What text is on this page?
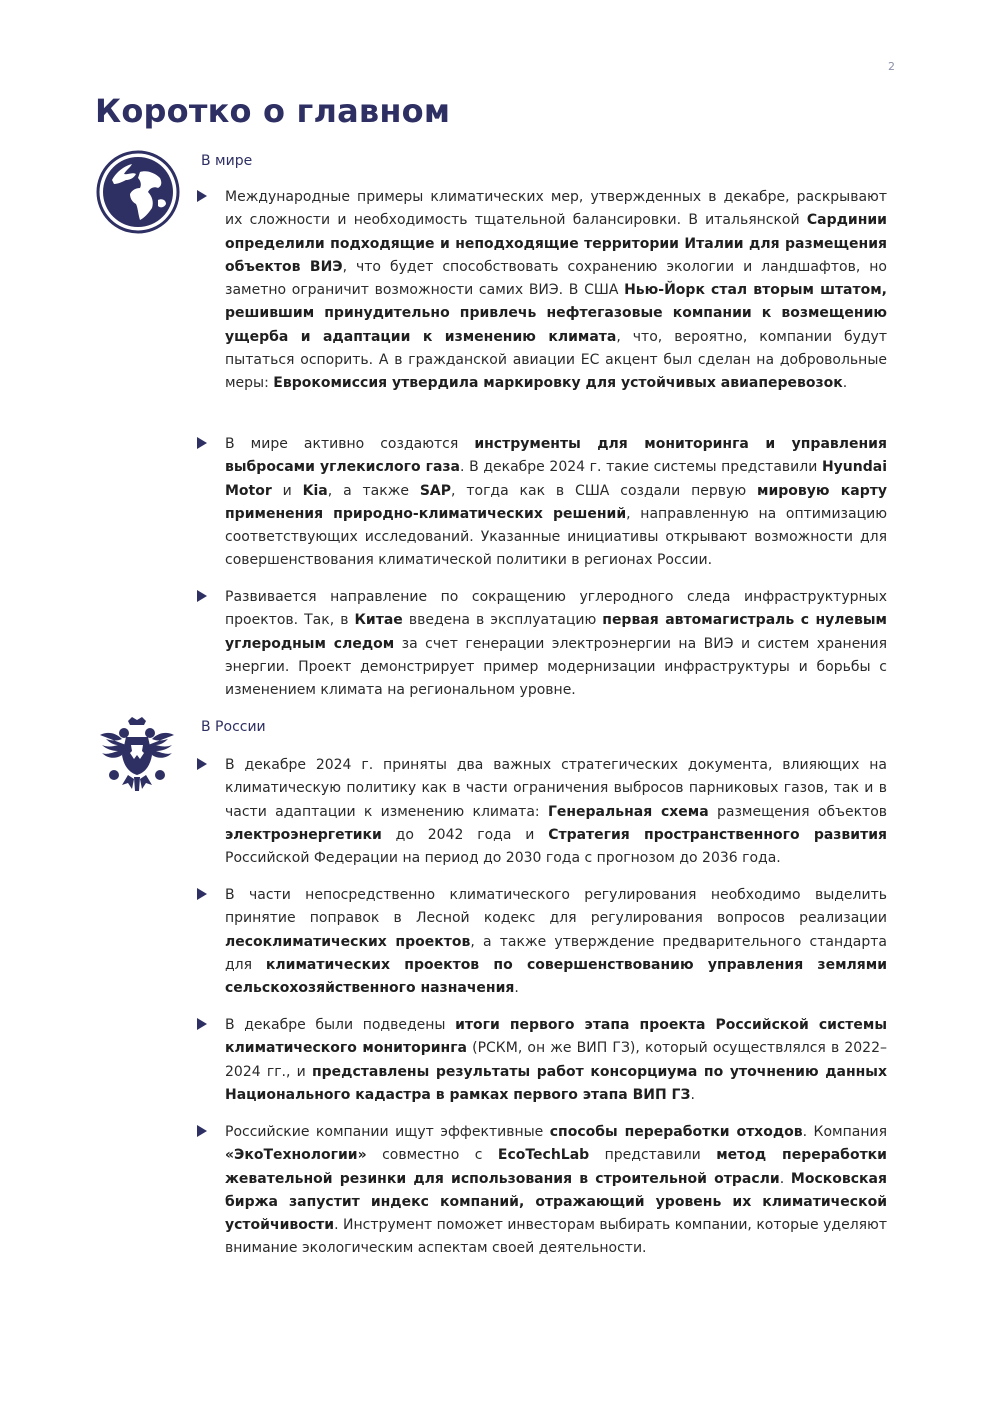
2
Коротко о главном
В мире

Международные примеры климатических мер, утвержденных в декабре, раскрывают их сложности и необходимость тщательной балансировки. В итальянской Сардинии определили подходящие и неподходящие территории Италии для размещения объектов ВИЭ, что будет способствовать сохранению экологии и ландшафтов, но заметно ограничит возможности самих ВИЭ. В США Нью-Йорк стал вторым штатом, решившим принудительно привлечь нефтегазовые компании к возмещению ущерба и адаптации к изменению климата, что, вероятно, компании будут пытаться оспорить. А в гражданской авиации ЕС акцент был сделан на добровольные меры: Еврокомиссия утвердила маркировку для устойчивых авиаперевозок.

В мире активно создаются инструменты для мониторинга и управления выбросами углекислого газа. В декабре 2024 г. такие системы представили Hyundai Motor и Kia, а также SAP, тогда как в США создали первую мировую карту применения природно-климатических решений, направленную на оптимизацию соответствующих исследований. Указанные инициативы открывают возможности для совершенствования климатической политики в регионах России.

Развивается направление по сокращению углеродного следа инфраструктурных проектов. Так, в Китае введена в эксплуатацию первая автомагистраль с нулевым углеродным следом за счет генерации электроэнергии на ВИЭ и систем хранения энергии. Проект демонстрирует пример модернизации инфраструктуры и борьбы с изменением климата на региональном уровне.

В России

В декабре 2024 г. приняты два важных стратегических документа, влияющих на климатическую политику как в части ограничения выбросов парниковых газов, так и в части адаптации к изменению климата: Генеральная схема размещения объектов электроэнергетики до 2042 года и Стратегия пространственного развития Российской Федерации на период до 2030 года с прогнозом до 2036 года.

В части непосредственно климатического регулирования необходимо выделить принятие поправок в Лесной кодекс для регулирования вопросов реализации лесоклиматических проектов, а также утверждение предварительного стандарта для климатических проектов по совершенствованию управления землями сельскохозяйственного назначения.

В декабре были подведены итоги первого этапа проекта Российской системы климатического мониторинга (РСКМ, он же ВИП ГЗ), который осуществлялся в 2022–2024 гг., и представлены результаты работ консорциума по уточнению данных Национального кадастра в рамках первого этапа ВИП ГЗ.

Российские компании ищут эффективные способы переработки отходов. Компания «ЭкоТехнологии» совместно с EcoTechLab представили метод переработки жевательной резинки для использования в строительной отрасли. Московская биржа запустит индекс компаний, отражающий уровень их климатической устойчивости. Инструмент поможет инвесторам выбирать компании, которые уделяют внимание экологическим аспектам своей деятельности.
